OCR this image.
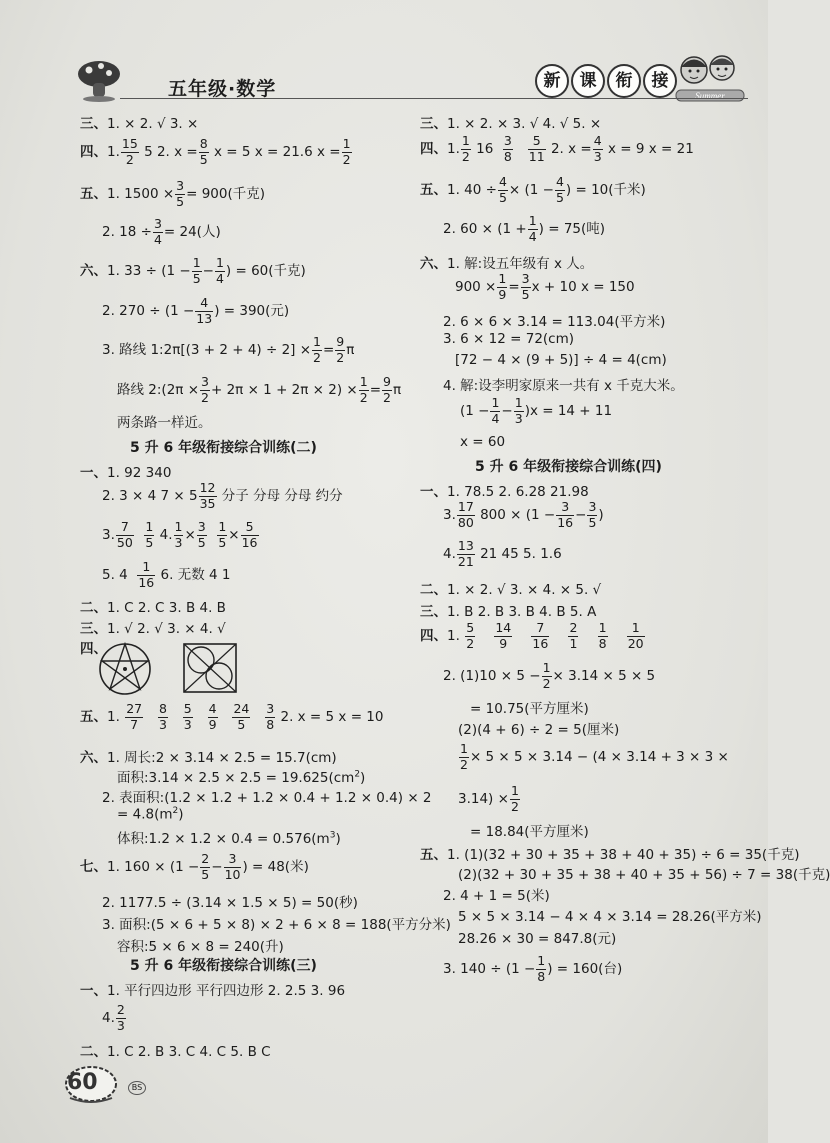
五年级·数学	新	课	衔	接
Summer
三、1. × 2. √ 3. ×
四、1. $\frac{15}{2} 5$ 2. $x = \frac{8}{5}$ x = 5 x = 21.6 $x = \frac{1}{2}$
五、1. $1500 \times \frac{3}{5} = 900$(千克)
2. $18 \div \frac{3}{4} = 24$(人)
六、1. $33 \div (1 - \frac{1}{5} - \frac{1}{4}$ ) = 60(千克)
2. $270 \div (1 - \frac{4}{13}$ ) = 390(元)
3. 路线 1:2π[(3 + $2 + 4) \div 2] \times \frac{1}{2} = \frac{9}{2}$ π
路线 2:(2π × $\frac{3}{2} + 2\pi \times 1 + 2\pi \times 2) \times \frac{1}{2} = \frac{9}{2}$ π
两条路一样近。
5 升 6 年级衔接综合训练(二)
一、1. 92 340
2. 3 × 4 $7 \times 5 \frac{12}{35}$ 分子 分母 分母 约分
3. $\frac{7}{50}$
$\frac{1}{5} 4$. $\frac{1}{3} \times \frac{3}{5}$
$\frac{1}{5} \times \frac{5}{16}$
5. $4 \frac{1}{16} 6$. 无数 4 1
二、1. C 2. C 3. B 4. B
三、1. √ 2. √ 3. × 4. √
四、
五、1. $\frac{27}{7}$
$\frac{8}{3}$
$\frac{5}{3}$
$\frac{4}{9}$
$\frac{24}{5}$
$\frac{3}{8} 2$. x = 5 x = 10
六、1. 周长:2 × 3.14 × 2.5 = 15.7(cm)
面积:3.14 × $2.5 \times 2.5 = 19.625(cm^2)$
2. 表面积:(1.2 × 1.2 + 1.2 × 0.4 + 1.2 × 0.4) × 2
= $4.8(m^2)$
体积:1.2 × $1.2 \times 0.4 = 0.576(m^3)$
七、1. $160 \times (1 - \frac{2}{5} - \frac{3}{10}$ ) = 48(米)
2. 1177.5 ÷ (3.14 × 1.5 × 5) = 50(秒)
3. 面积:(5 × 6 + 5 × 8) × 2 + 6 × 8 = 188(平方分米)
容积:5 × 6 × 8 = 240(升)
5 升 6 年级衔接综合训练(三)
一、1. 平行四边形 平行四边形 2. 2.5 3. 96
4. $\frac{2}{3}$
二、1. C 2. B 3. C 4. C 5. B C
三、1. × 2. × 3. √ 4. √ 5. ×
四、1. $\frac{1}{2} 16 \frac{3}{8}$
$\frac{5}{11} 2$. $x = \frac{4}{3}$ x = 9 x = 21
五、1. $40 \div \frac{4}{5} \times (1 - \frac{4}{5}$ ) = 10(千米)
2. $60 \times (1 + \frac{1}{4}$ ) = 75(吨)
六、1. 解:设五年级有 x 人。
$900 \times \frac{1}{9} = \frac{3}{5}$ x + 10 x = 150
2. 6 × 6 × 3.14 = 113.04(平方米)
3. 6 × 12 = 72(cm)
[72 − 4 × (9 + 5)] ÷ 4 = 4(cm)
4. 解:设李明家原来一共有 x 千克大米。
$(1 - \frac{1}{4} - \frac{1}{3} )x = 14 + 11$
x = 60
5 升 6 年级衔接综合训练(四)
一、1. 78.5 2. 6.28 21.98
3. $\frac{17}{80} 800 \times (1 - \frac{3}{16} - \frac{3}{5}$ )
4. $\frac{13}{21} 21$ 45 5. 1.6
二、1. × 2. √ 3. × 4. × 5. √
三、1. B 2. B 3. B 4. B 5. A
四、1. $\frac{5}{2}$
$\frac{14}{9}$
$\frac{7}{16}$
$\frac{2}{1}$
$\frac{1}{8}$
$\frac{1}{20}$
2. $(1)10 \times 5 - \frac{1}{2} \times 3.14 \times 5 \times 5$
= 10.75(平方厘米)
(2)(4 + 6) ÷ 2 = 5(厘米)
$\frac{1}{2} \times 5 \times 5 \times 3.14 - (4 \times 3.14 + 3 \times 3$ ×
$3.14) \times \frac{1}{2}$
= 18.84(平方厘米)
五、1. (1)(32 + 30 + 35 + 38 + 40 + 35) ÷ 6 = 35(千克)
(2)(32 + 30 + 35 + 38 + 40 + 35 + 56) ÷ 7 = 38(千克)
2. 4 + 1 = 5(米)
5 × 5 × 3.14 − 4 × 4 × 3.14 = 28.26(平方米)
28.26 × 30 = 847.8(元)
3. $140 \div (1 - \frac{1}{8}$ ) = 160(台)
60	BS
